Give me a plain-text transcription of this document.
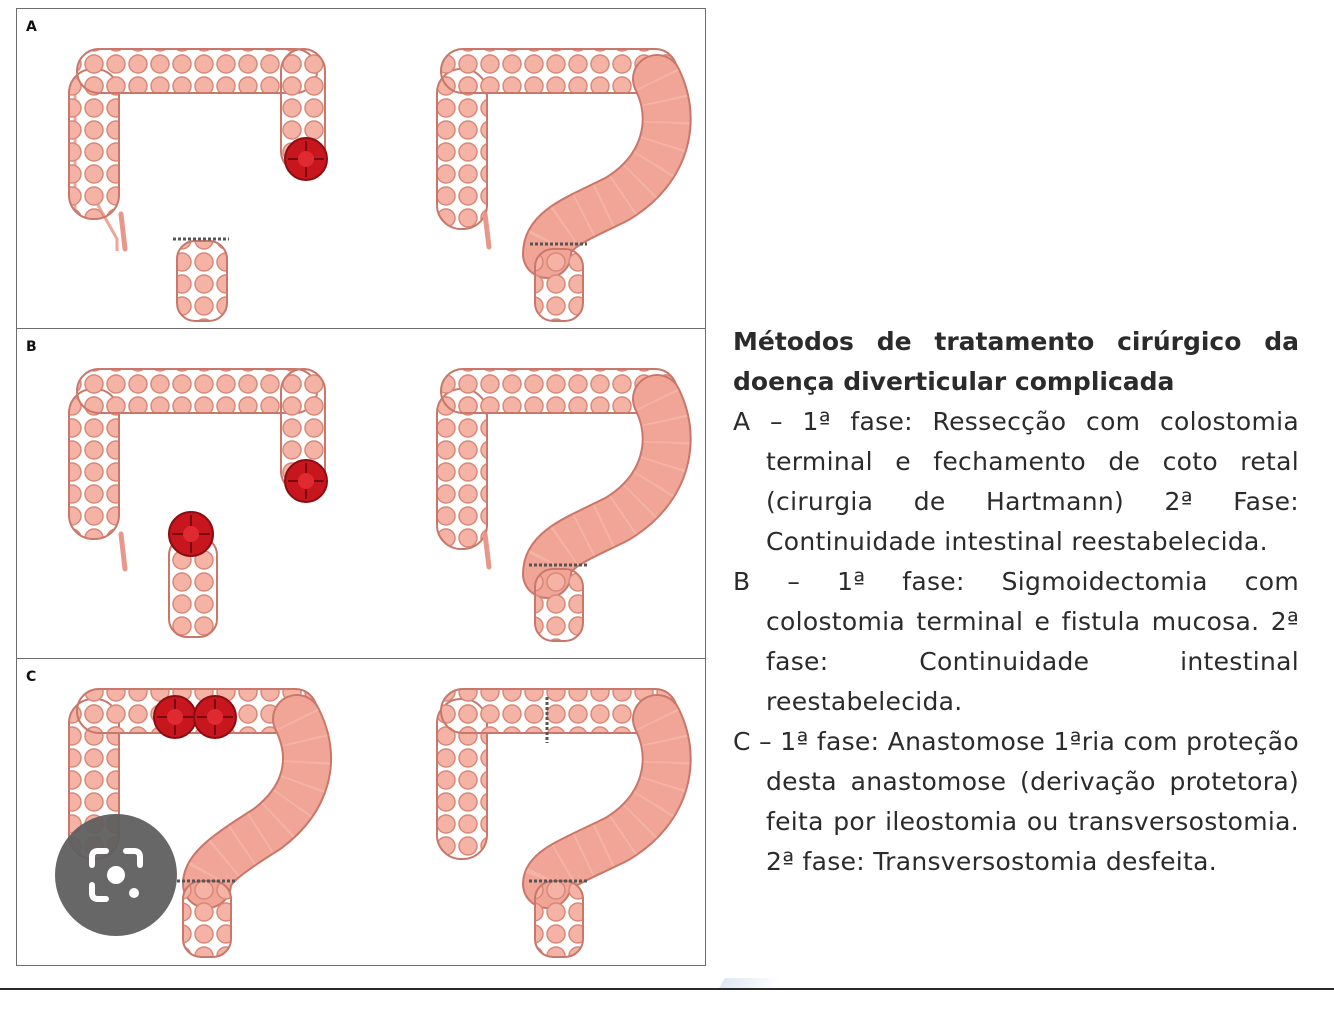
A
B
C
Métodos de tratamento cirúrgico da doença diverticular complicada
A – 1ª fase: Ressecção com colostomia terminal e fechamento de coto retal (cirurgia de Hartmann) 2ª Fase: Continuidade intestinal reestabelecida.
B – 1ª fase: Sigmoidectomia com colostomia terminal e fistula mucosa. 2ª fase: Continuidade intestinal reestabelecida.
C – 1ª fase: Anastomose 1ªria com proteção desta anastomose (derivação protetora) feita por ileostomia ou transversostomia. 2ª fase: Transversostomia desfeita.
